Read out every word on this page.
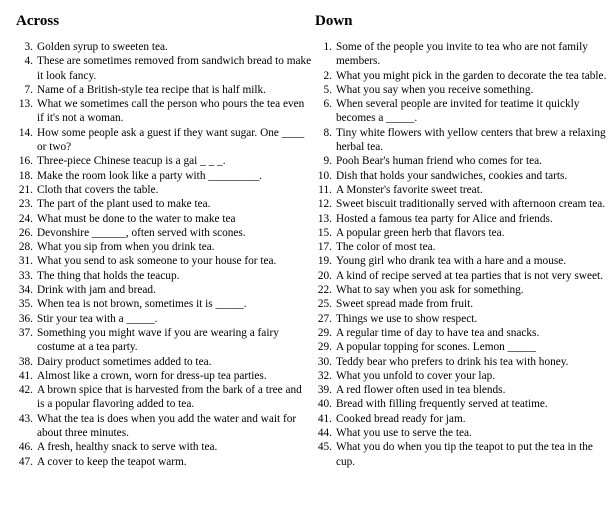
Across
3. Golden syrup to sweeten tea.
4. These are sometimes removed from sandwich bread to make it look fancy.
7. Name of a British-style tea recipe that is half milk.
13. What we sometimes call the person who pours the tea even if it's not a woman.
14. How some people ask a guest if they want sugar. One ____ or two?
16. Three-piece Chinese teacup is a gai _ _ _.
18. Make the room look like a party with _________.
21. Cloth that covers the table.
23. The part of the plant used to make tea.
24. What must be done to the water to make tea
26. Devonshire ______, often served with scones.
28. What you sip from when you drink tea.
31. What you send to ask someone to your house for tea.
33. The thing that holds the teacup.
34. Drink with jam and bread.
35. When tea is not brown, sometimes it is _____.
36. Stir your tea with a _____.
37. Something you might wave if you are wearing a fairy costume at a tea party.
38. Dairy product sometimes added to tea.
41. Almost like a crown, worn for dress-up tea parties.
42. A brown spice that is harvested from the bark of a tree and is a popular flavoring added to tea.
43. What the tea is does when you add the water and wait for about three minutes.
46. A fresh, healthy snack to serve with tea.
47. A cover to keep the teapot warm.
Down
1. Some of the people you invite to tea who are not family members.
2. What you might pick in the garden to decorate the tea table.
5. What you say when you receive something.
6. When several people are invited for teatime it quickly becomes a _____.
8. Tiny white flowers with yellow centers that brew a relaxing herbal tea.
9. Pooh Bear's human friend who comes for tea.
10. Dish that holds your sandwiches, cookies and tarts.
11. A Monster's favorite sweet treat.
12. Sweet biscuit traditionally served with afternoon cream tea.
13. Hosted a famous tea party for Alice and friends.
15. A popular green herb that flavors tea.
17. The color of most tea.
19. Young girl who drank tea with a hare and a mouse.
20. A kind of recipe served at tea parties that is not very sweet.
22. What to say when you ask for something.
25. Sweet spread made from fruit.
27. Things we use to show respect.
29. A regular time of day to have tea and snacks.
29. A popular topping for scones. Lemon _____
30. Teddy bear who prefers to drink his tea with honey.
32. What you unfold to cover your lap.
39. A red flower often used in tea blends.
40. Bread with filling frequently served at teatime.
41. Cooked bread ready for jam.
44. What you use to serve the tea.
45. What you do when you tip the teapot to put the tea in the cup.
